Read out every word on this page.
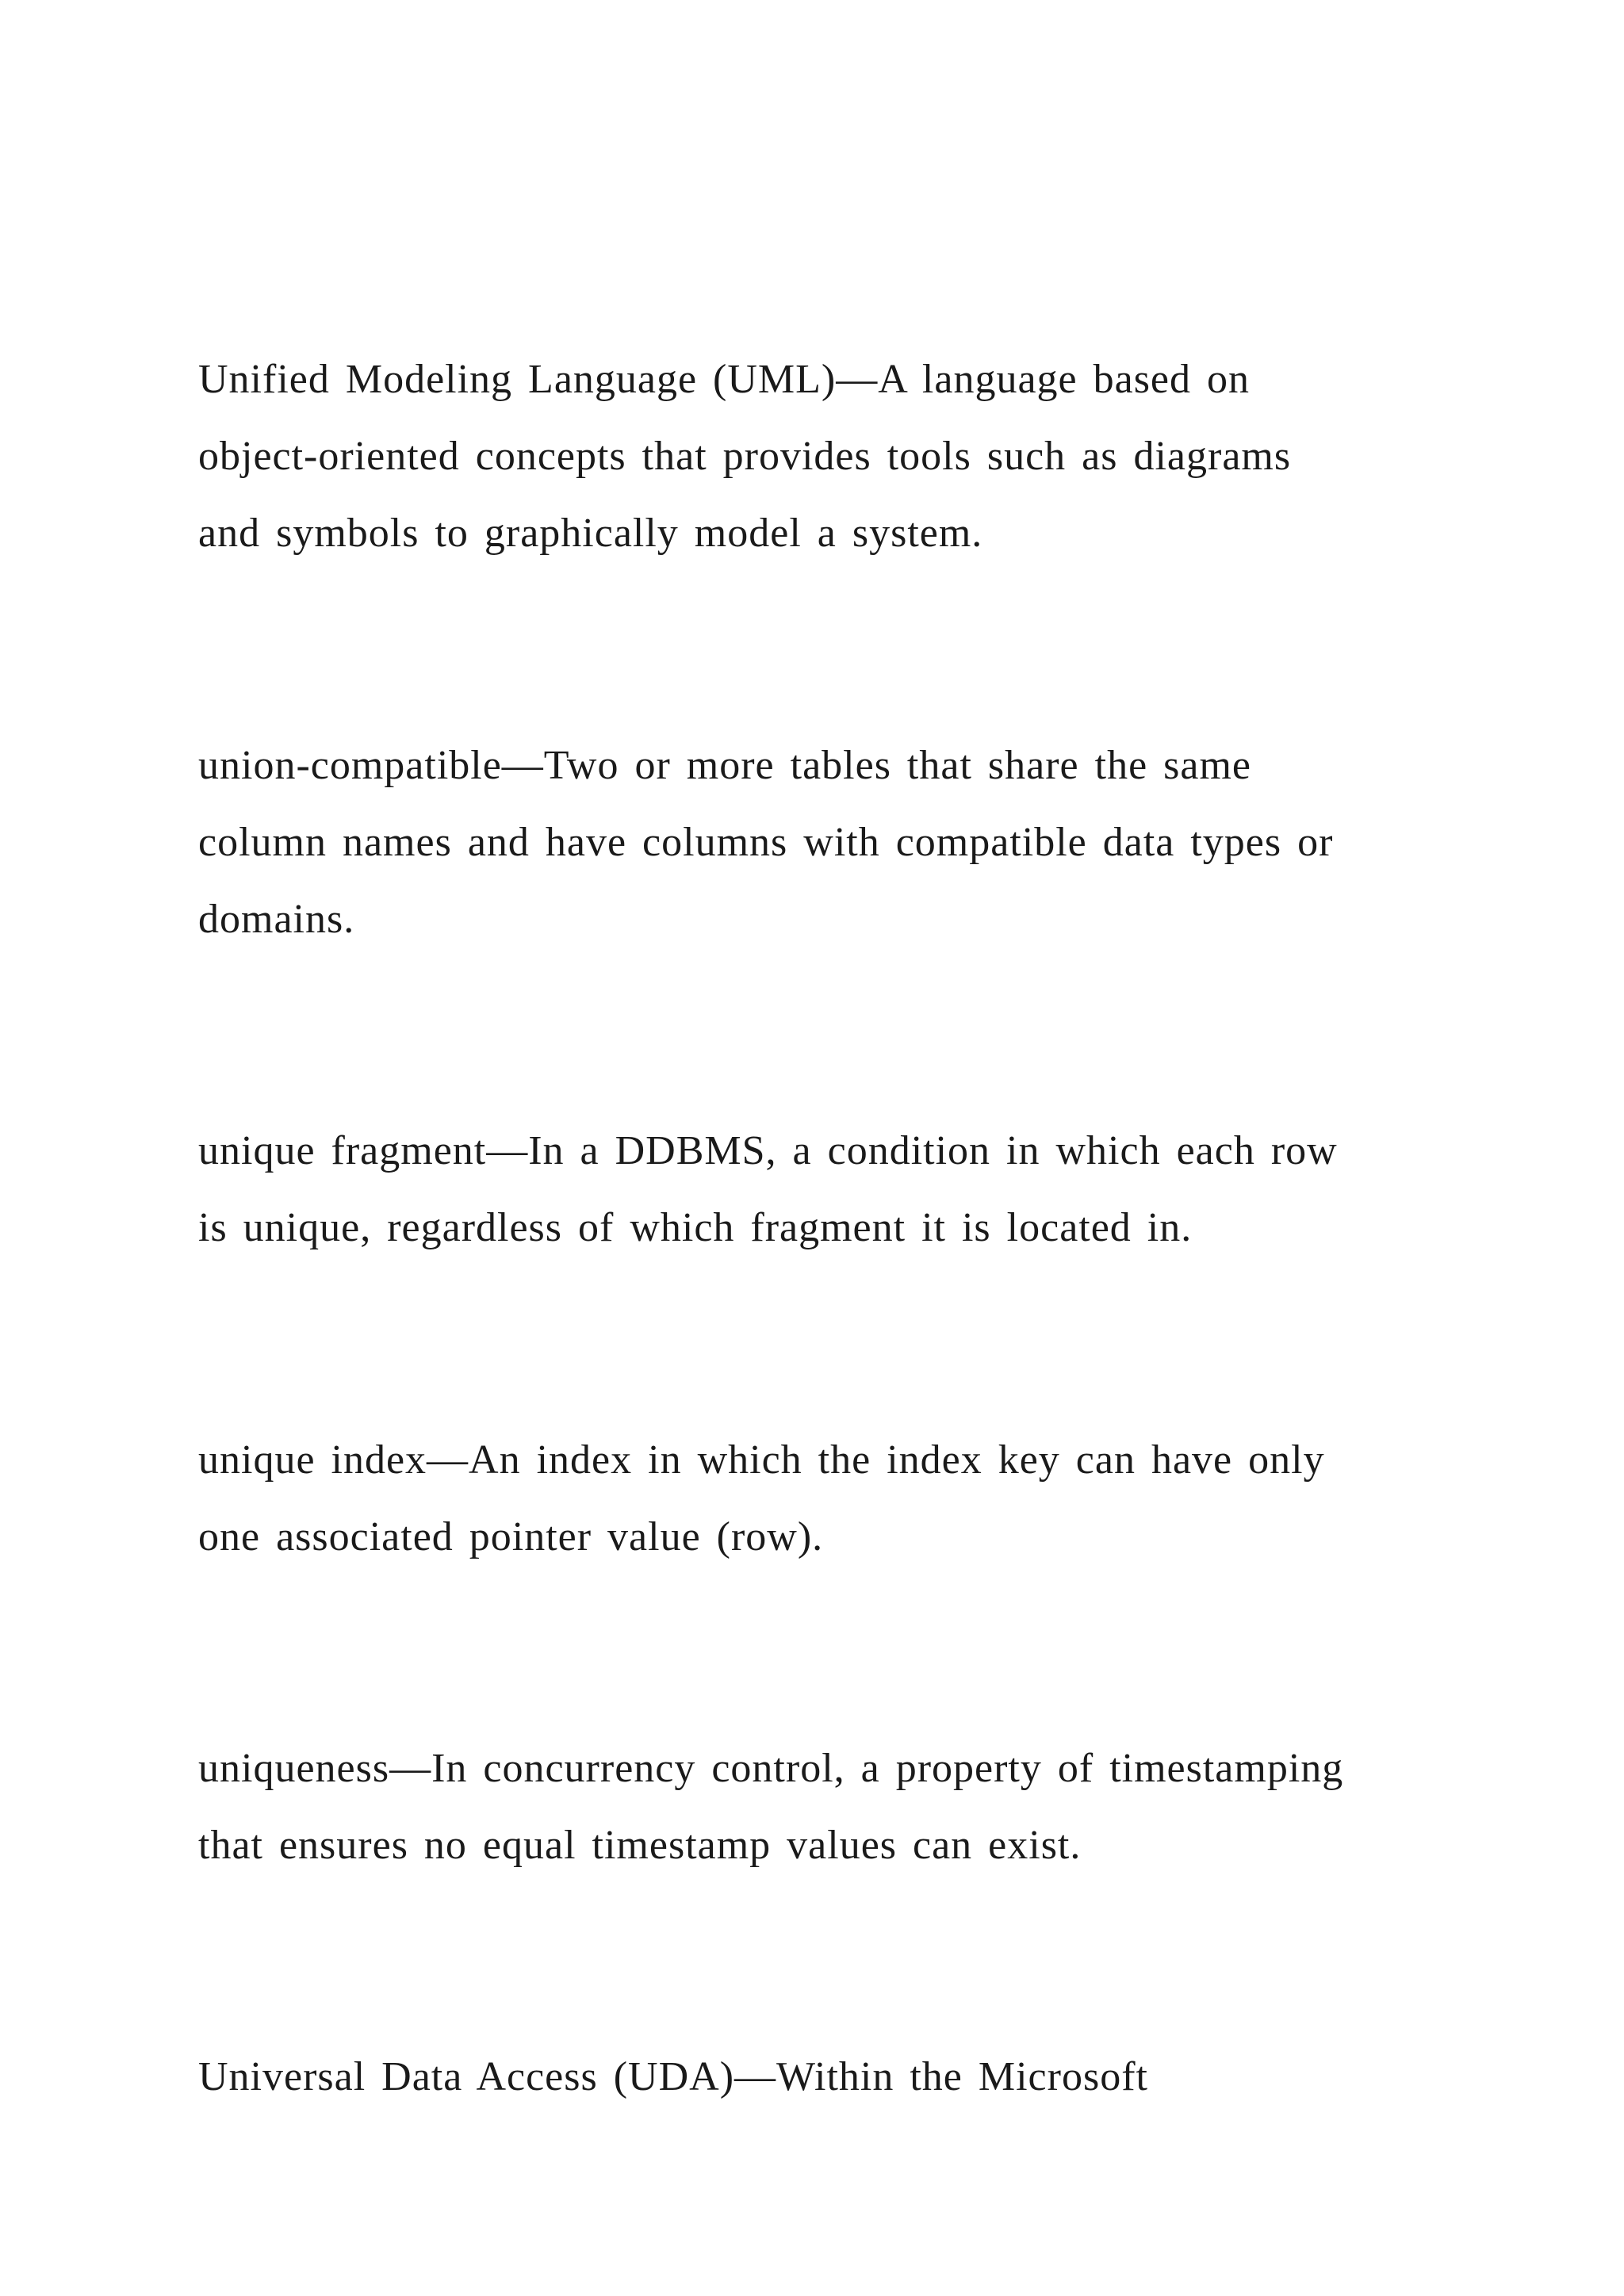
Unified Modeling Language (UML)—A language based on
object-oriented concepts that provides tools such as diagrams
and symbols to graphically model a system.
union-compatible—Two or more tables that share the same
column names and have columns with compatible data types or
domains.
unique fragment—In a DDBMS, a condition in which each row
is unique, regardless of which fragment it is located in.
unique index—An index in which the index key can have only
one associated pointer value (row).
uniqueness—In concurrency control, a property of timestamping
that ensures no equal timestamp values can exist.
Universal Data Access (UDA)—Within the Microsoft
